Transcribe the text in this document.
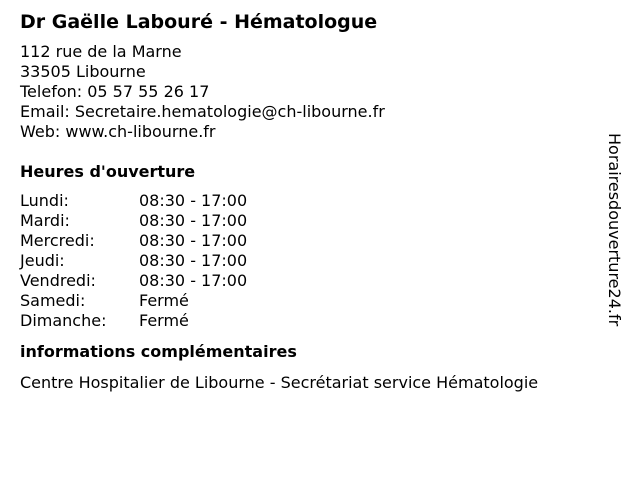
Dr Gaëlle Labouré - Hématologue
112 rue de la Marne
33505 Libourne
Telefon: 05 57 55 26 17
Email: Secretaire.hematologie@ch-libourne.fr
Web: www.ch-libourne.fr
Heures d'ouverture
Lundi:	08:30 - 17:00
Mardi:	08:30 - 17:00
Mercredi:	08:30 - 17:00
Jeudi:	08:30 - 17:00
Vendredi:	08:30 - 17:00
Samedi:	Fermé
Dimanche:	Fermé
informations complémentaires
Centre Hospitalier de Libourne - Secrétariat service Hématologie
Horairesdouverture24.fr
